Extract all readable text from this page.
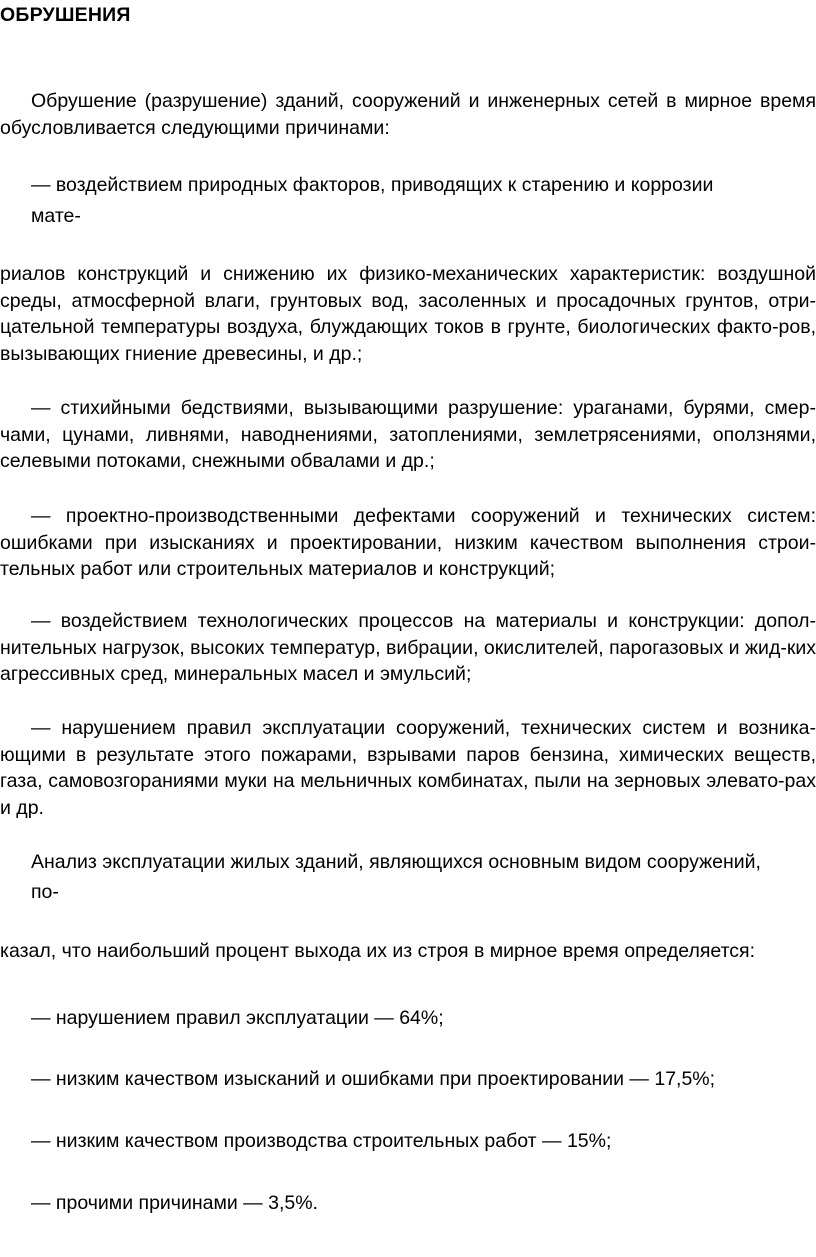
ОБРУШЕНИЯ

Обрушение (разрушение) зданий, сооружений и инженерных сетей в мирное время обусловливается следующими причинами:

— воздействием природных факторов, приводящих к старению и коррозии

мате-

риалов конструкций и снижению их физико-механических характеристик: воздушной среды, атмосферной влаги, грунтовых вод, засоленных и просадочных грунтов, отри-цательной температуры воздуха, блуждающих токов в грунте, биологических факто-ров, вызывающих гниение древесины, и др.;

— стихийными бедствиями, вызывающими разрушение: ураганами, бурями, смер-чами, цунами, ливнями, наводнениями, затоплениями, землетрясениями, оползнями, селевыми потоками, снежными обвалами и др.;

— проектно-производственными дефектами сооружений и технических систем: ошибками при изысканиях и проектировании, низким качеством выполнения строи-тельных работ или строительных материалов и конструкций;

— воздействием технологических процессов на материалы и конструкции: допол-нительных нагрузок, высоких температур, вибрации, окислителей, парогазовых и жид-ких агрессивных сред, минеральных масел и эмульсий;

— нарушением правил эксплуатации сооружений, технических систем и возника-ющими в результате этого пожарами, взрывами паров бензина, химических веществ, газа, самовозгораниями муки на мельничных комбинатах, пыли на зерновых элевато-рах и др.

Анализ эксплуатации жилых зданий, являющихся основным видом сооружений,

по-

казал, что наибольший процент выхода их из строя в мирное время определяется:

— нарушением правил эксплуатации — 64%;

— низким качеством изысканий и ошибками при проектировании — 17,5%;

— низким качеством производства строительных работ — 15%;

— прочими причинами — 3,5%.
